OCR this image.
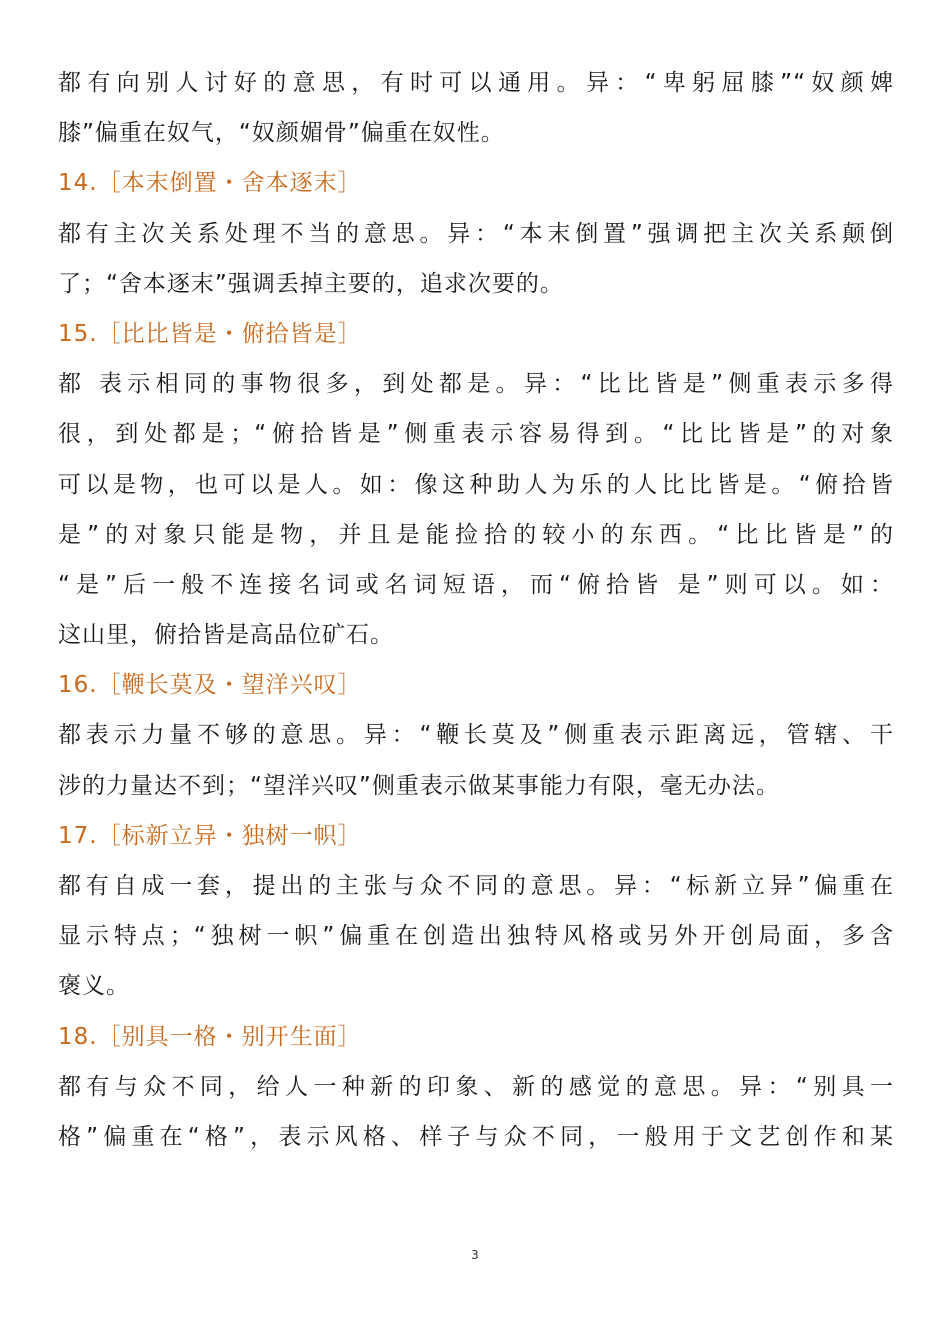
都有向别人讨好的意思，有时可以通用。异：“卑躬屈膝”“奴颜婢
膝”偏重在奴气，“奴颜媚骨”偏重在奴性。
14.［本末倒置・舍本逐末］
都有主次关系处理不当的意思。异：“本末倒置”强调把主次关系颠倒
了；“舍本逐末”强调丢掉主要的，追求次要的。
15.［比比皆是・俯拾皆是］
都 表示相同的事物很多，到处都是。异：“比比皆是”侧重表示多得
很，到处都是；“俯拾皆是”侧重表示容易得到。“比比皆是”的对象
可以是物，也可以是人。如：像这种助人为乐的人比比皆是。“俯拾皆
是”的对象只能是物，并且是能捡拾的较小的东西。“比比皆是”的
“是”后一般不连接名词或名词短语，而“俯拾皆 是”则可以。如：
这山里，俯拾皆是高品位矿石。
16.［鞭长莫及・望洋兴叹］
都表示力量不够的意思。异：“鞭长莫及”侧重表示距离远，管辖、干
涉的力量达不到；“望洋兴叹”侧重表示做某事能力有限，毫无办法。
17.［标新立异・独树一帜］
都有自成一套，提出的主张与众不同的意思。异：“标新立异”偏重在
显示特点；“独树一帜”偏重在创造出独特风格或另外开创局面，多含
褒义。
18.［别具一格・别开生面］
都有与众不同，给人一种新的印象、新的感觉的意思。异：“别具一
格”偏重在“格”，表示风格、样子与众不同，一般用于文艺创作和某
3
